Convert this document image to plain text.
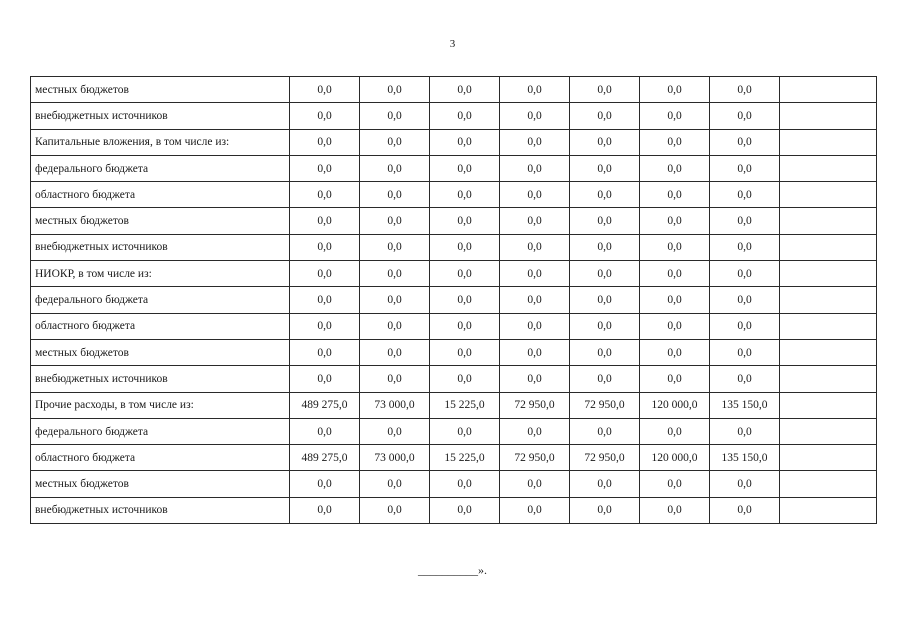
3
местных бюджетов	0,0	0,0	0,0	0,0	0,0	0,0	0,0	
внебюджетных источников	0,0	0,0	0,0	0,0	0,0	0,0	0,0	
Капитальные вложения, в том числе из:	0,0	0,0	0,0	0,0	0,0	0,0	0,0	
федерального бюджета	0,0	0,0	0,0	0,0	0,0	0,0	0,0	
областного бюджета	0,0	0,0	0,0	0,0	0,0	0,0	0,0	
местных бюджетов	0,0	0,0	0,0	0,0	0,0	0,0	0,0	
внебюджетных источников	0,0	0,0	0,0	0,0	0,0	0,0	0,0	
НИОКР, в том числе из:	0,0	0,0	0,0	0,0	0,0	0,0	0,0	
федерального бюджета	0,0	0,0	0,0	0,0	0,0	0,0	0,0	
областного бюджета	0,0	0,0	0,0	0,0	0,0	0,0	0,0	
местных бюджетов	0,0	0,0	0,0	0,0	0,0	0,0	0,0	
внебюджетных источников	0,0	0,0	0,0	0,0	0,0	0,0	0,0	
Прочие расходы, в том числе из:	489 275,0	73 000,0	15 225,0	72 950,0	72 950,0	120 000,0	135 150,0	
федерального бюджета	0,0	0,0	0,0	0,0	0,0	0,0	0,0	
областного бюджета	489 275,0	73 000,0	15 225,0	72 950,0	72 950,0	120 000,0	135 150,0	
местных бюджетов	0,0	0,0	0,0	0,0	0,0	0,0	0,0	
внебюджетных источников	0,0	0,0	0,0	0,0	0,0	0,0	0,0	
__________».
